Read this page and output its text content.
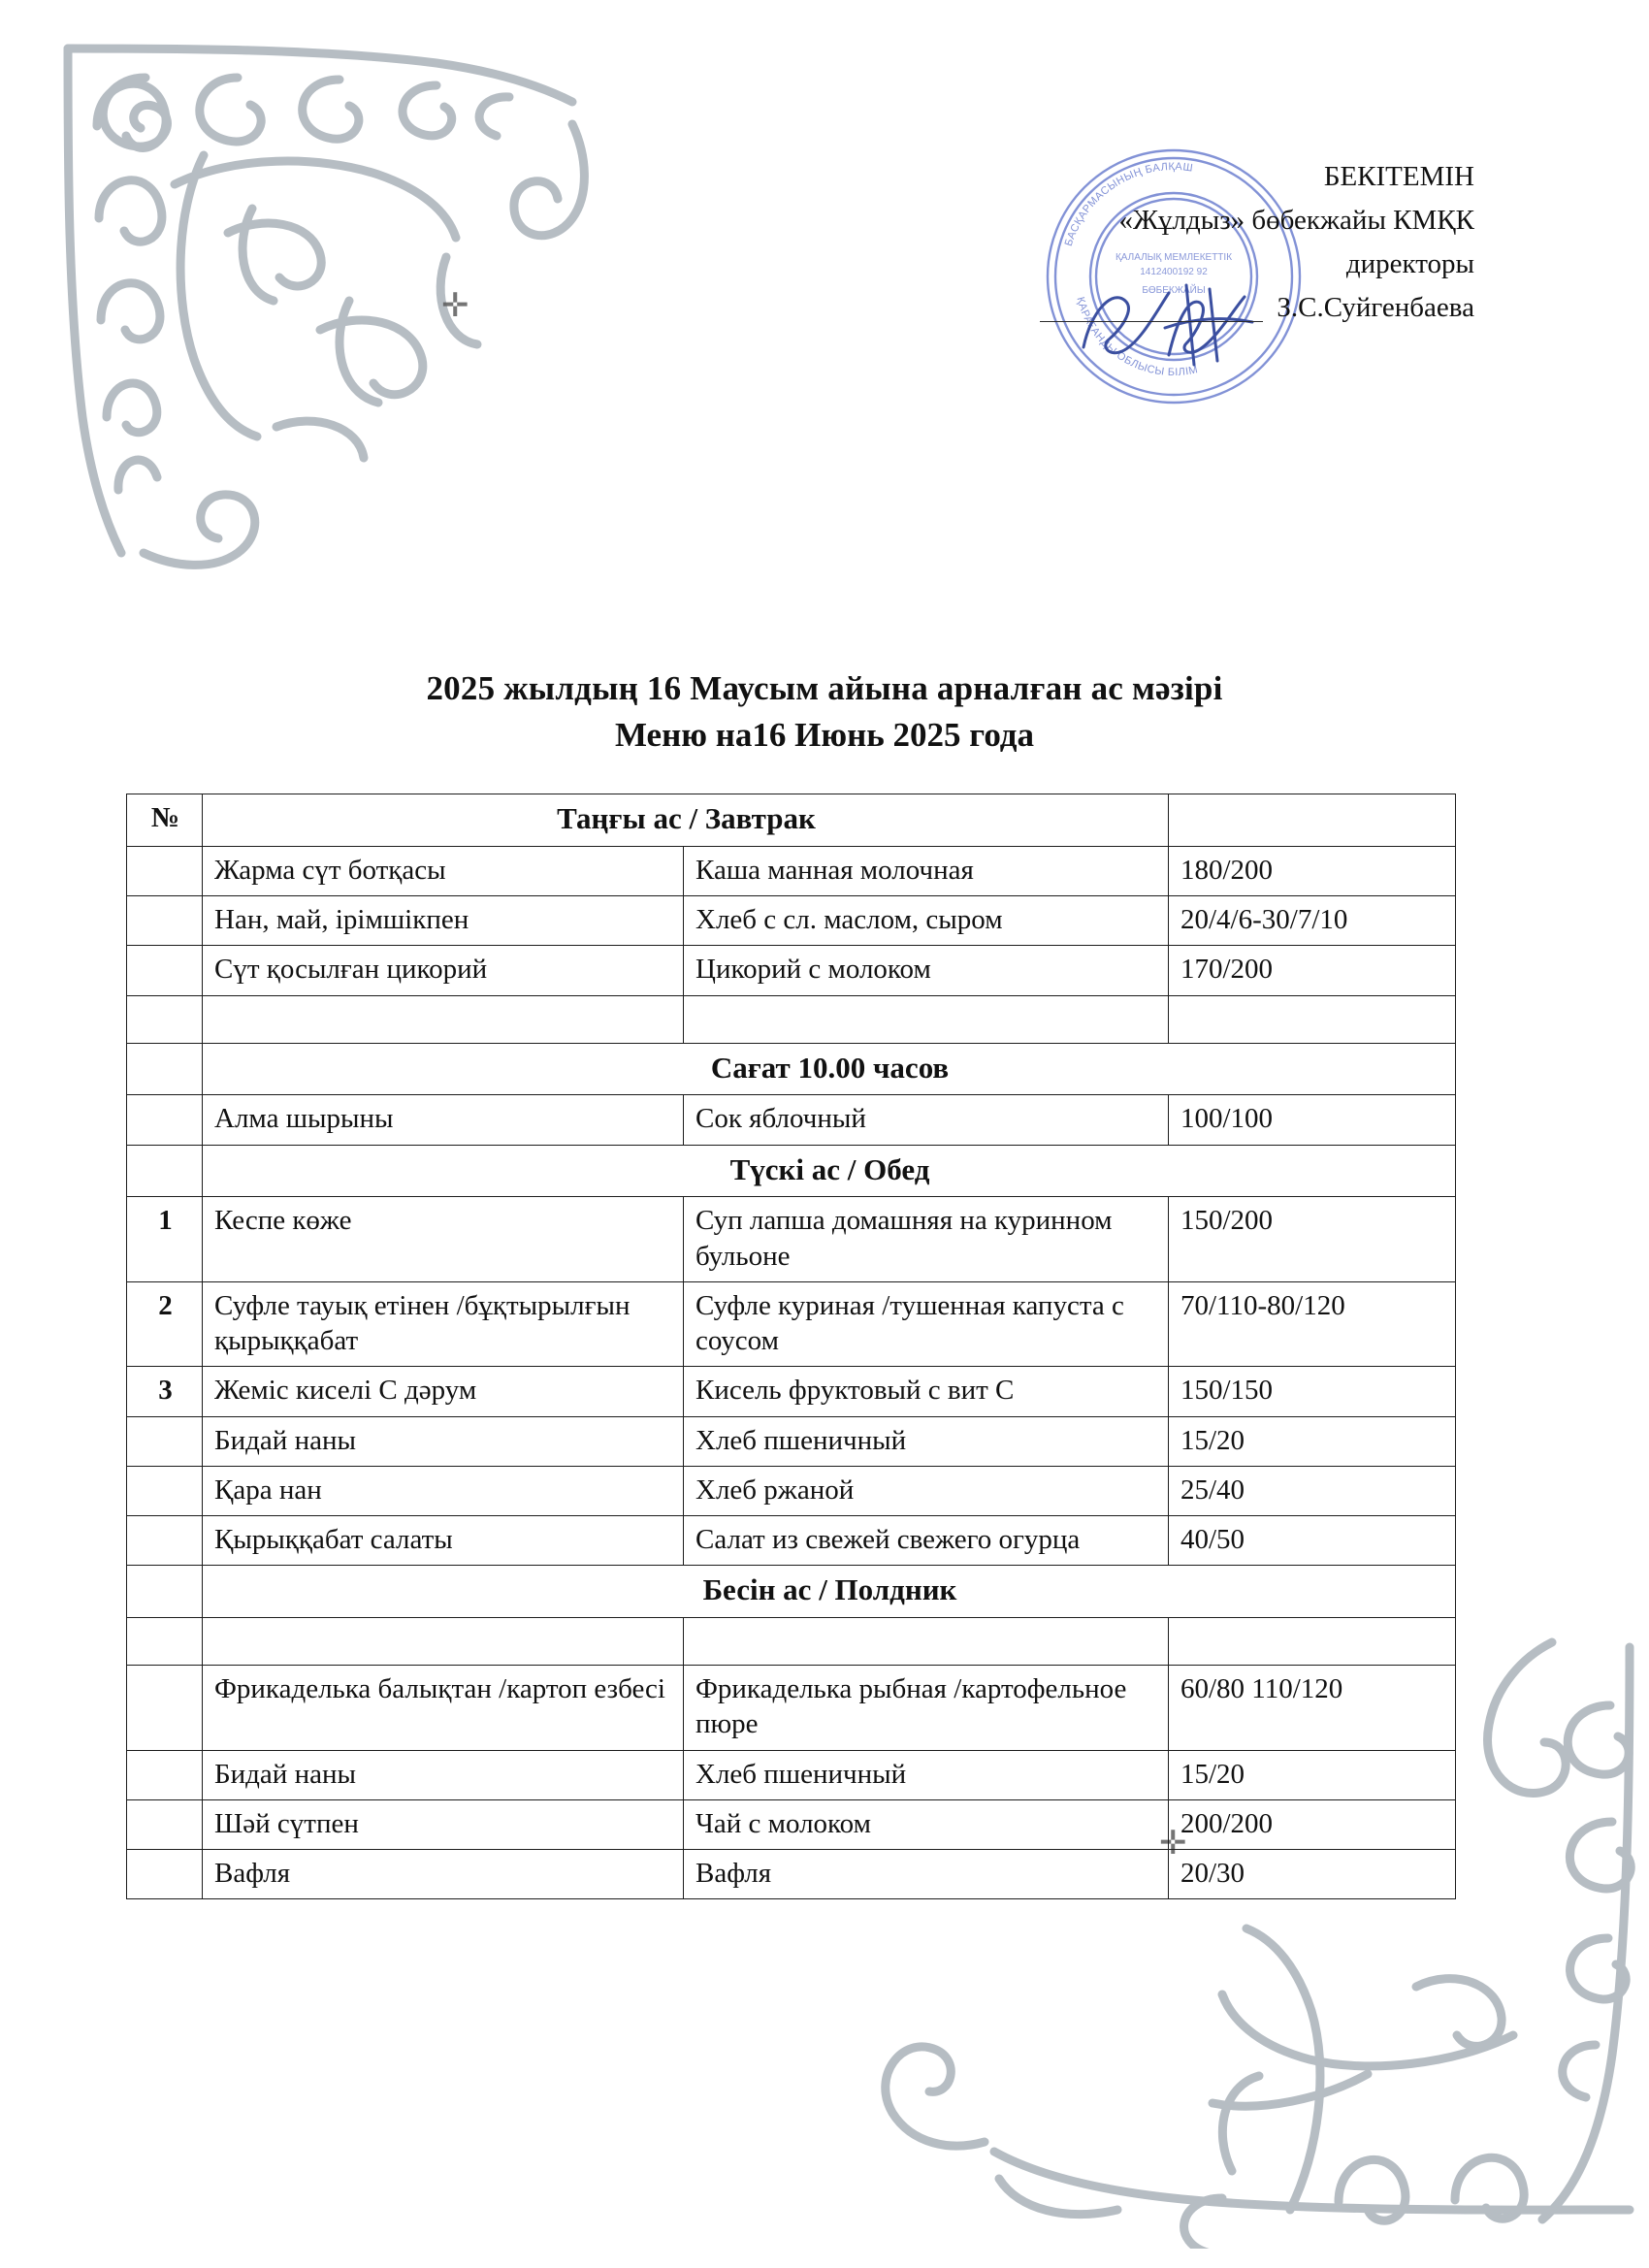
БАСҚАРМАСЫНЫҢ БАЛҚАШ
ҚАРАҒАНДЫ ОБЛЫСЫ БІЛІМ
ҚАЛАЛЫҚ МЕМЛЕКЕТТІК
1412400192 92
БӨБЕКЖАЙЫ
БЕКІТЕМІН
«Жұлдыз» бөбекжайы КМҚК
директоры
З.С.Суйгенбаева
✛
✛
2025 жылдың 16 Маусым айына арналған ас мәзірі
Меню на16 Июнь 2025 года
№	Таңғы ас / Завтрак		
	Жарма сүт ботқасы	Каша манная молочная	180/200
	Нан, май, ірімшікпен	Хлеб с сл. маслом, сыром	20/4/6-30/7/10
	Сүт қосылған цикорий	Цикорий с молоком	170/200

	Сағат 10.00 часов		
	Алма шырыны	Сок яблочный	100/100
	Түскі ас / Обед		
1	Кеспе көже	Суп лапша домашняя на куринном бульоне	150/200
2	Суфле тауық етінен /бұқтырылғын қырыққабат	Суфле куриная /тушенная капуста с соусом	70/110-80/120
3	Жеміс киселі С дәрум	Кисель фруктовый с вит С	150/150
	Бидай наны	Хлеб пшеничный	15/20
	Қара нан	Хлеб ржаной	25/40
	Қырыққабат салаты	Салат из свежей свежего огурца	40/50
	Бесін ас / Полдник		

	Фрикаделька балықтан /картоп езбесі	Фрикаделька рыбная /картофельное пюре	60/80 110/120
	Бидай наны	Хлеб пшеничный	15/20
	Шәй сүтпен	Чай с молоком	200/200
	Вафля	Вафля	20/30
